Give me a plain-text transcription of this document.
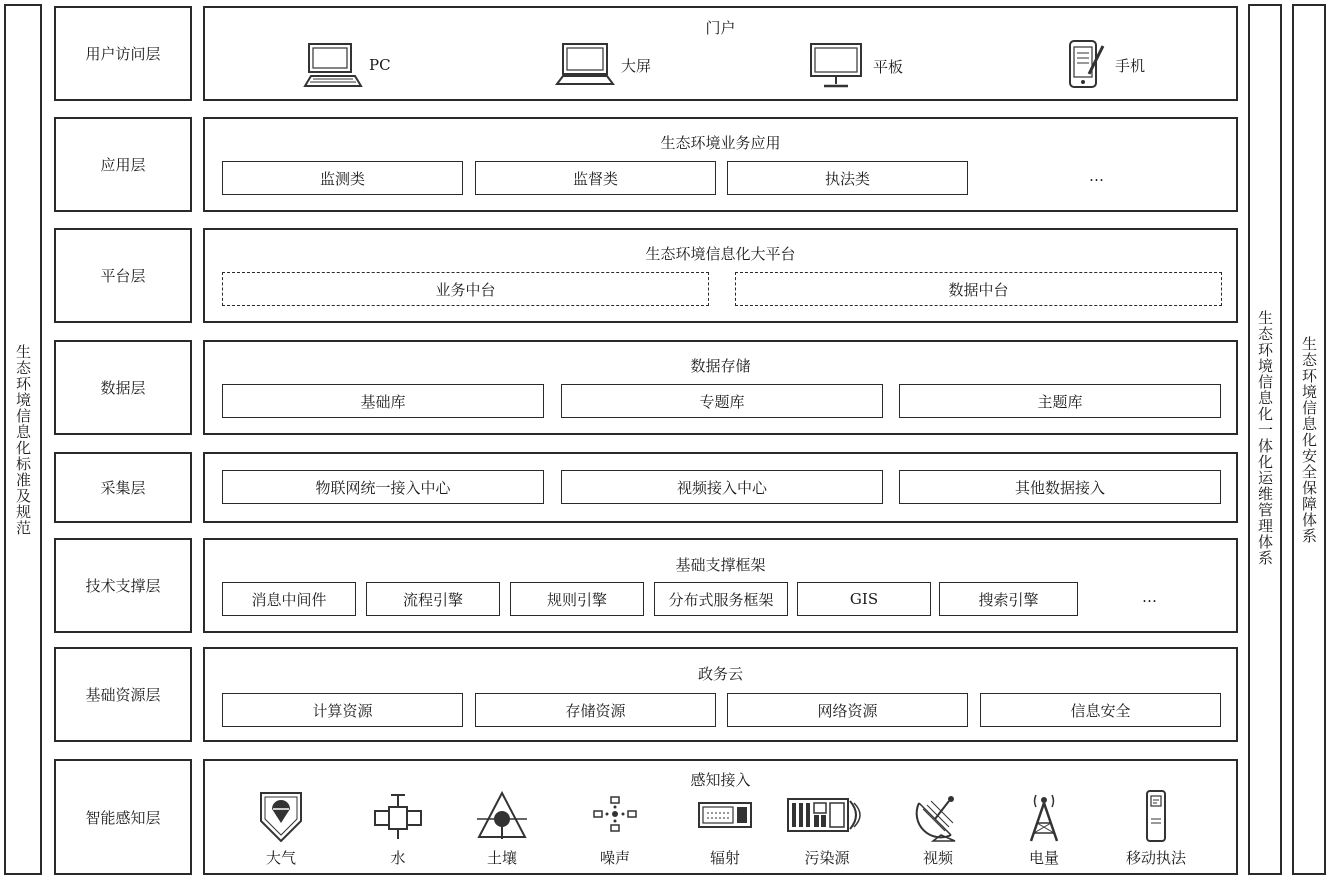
生态环境信息化标准及规范	生态环境信息化一体化运维管理体系 生态环境信息化安全保障体系
用户访问层
门户
PC	大屏	平板	手机
应用层
生态环境业务应用
监测类	监督类	执法类	…
平台层
生态环境信息化大平台
业务中台	数据中台
数据层
数据存储
基础库	专题库	主题库
采集层	物联网统一接入中心	视频接入中心	其他数据接入
技术支撑层
基础支撑框架
消息中间件	流程引擎	规则引擎	分布式服务框架	GIS	搜索引擎	…
基础资源层
政务云
计算资源	存储资源	网络资源	信息安全
智能感知层
感知接入
大气	水	土壤	噪声	辐射	污染源	视频	电量	移动执法
